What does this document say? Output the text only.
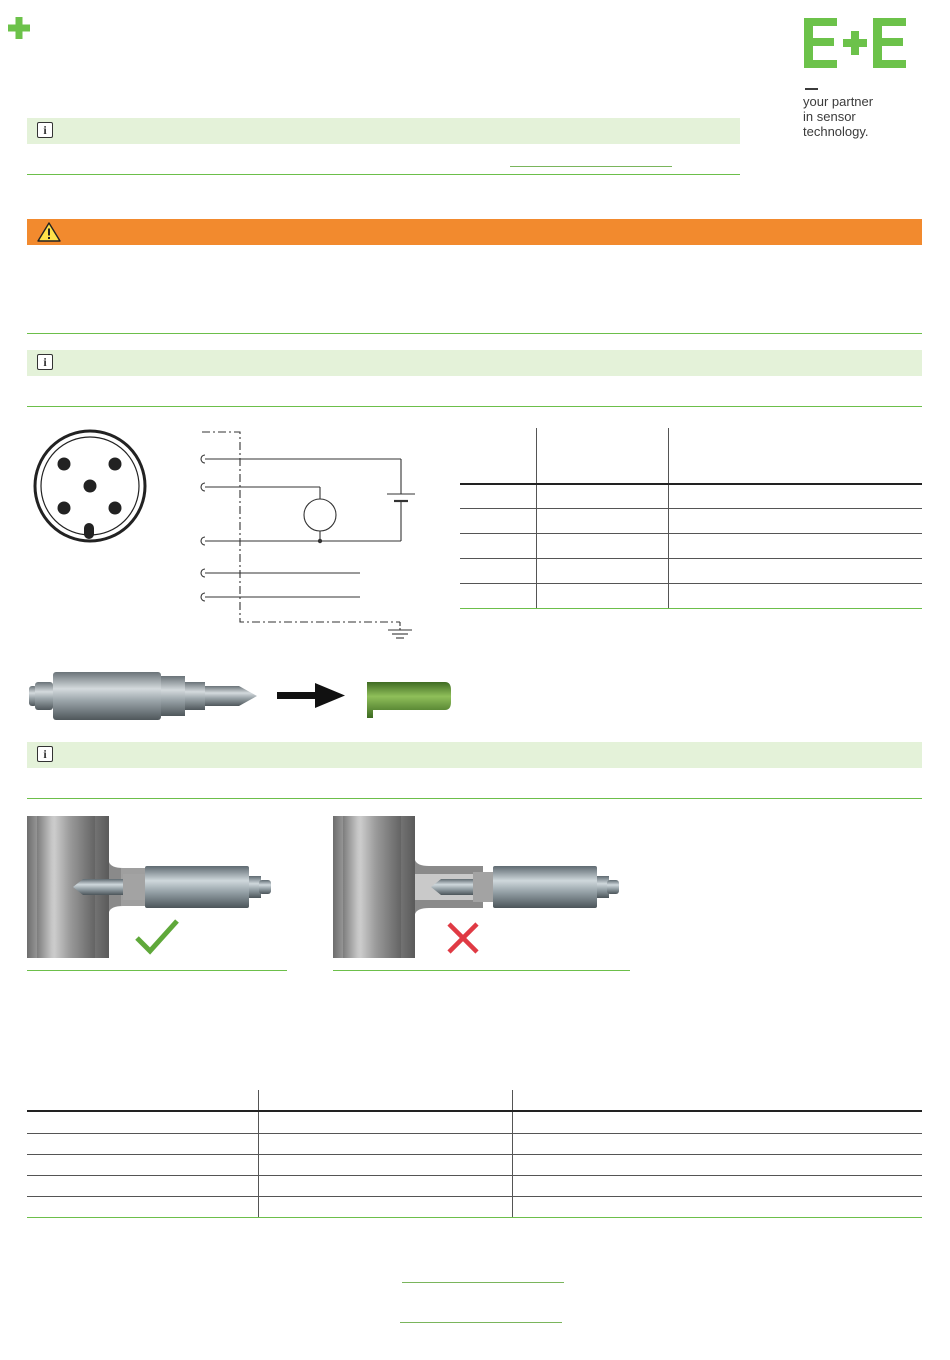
your partner
in sensor
technology.
i
i
i
